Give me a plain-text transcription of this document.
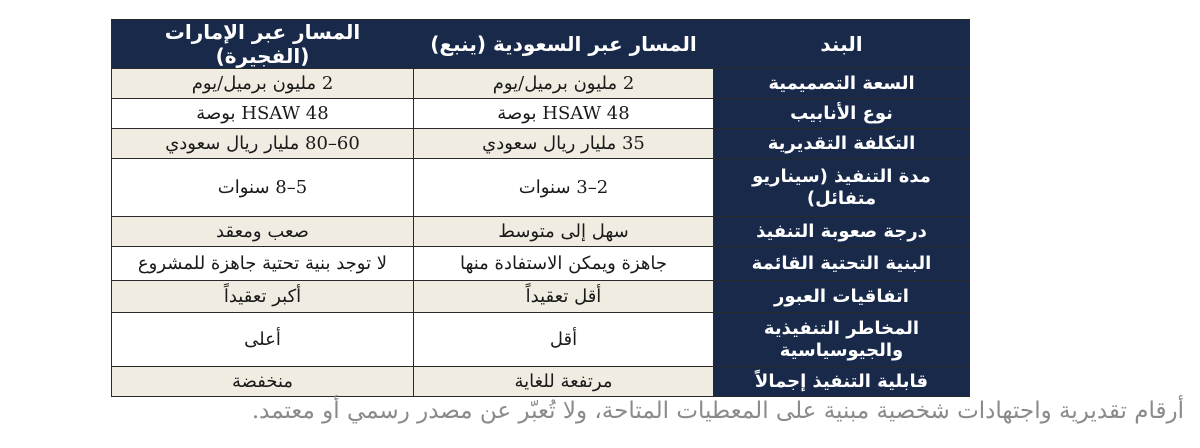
البند	المسار عبر السعودية (ينبع)	المسار عبر الإمارات (الفجيرة)
السعة التصميمية	2 مليون برميل/يوم	2 مليون برميل/يوم
نوع الأنابيب	HSAW 48 بوصة	HSAW 48 بوصة
التكلفة التقديرية	35 مليار ريال سعودي	60–80 مليار ريال سعودي
مدة التنفيذ (سيناريو متفائل)	2–3 سنوات	5–8 سنوات
درجة صعوبة التنفيذ	سهل إلى متوسط	صعب ومعقد
البنية التحتية القائمة	جاهزة ويمكن الاستفادة منها	لا توجد بنية تحتية جاهزة للمشروع
اتفاقيات العبور	أقل تعقيداً	أكبر تعقيداً
المخاطر التنفيذية والجيوسياسية	أقل	أعلى
قابلية التنفيذ إجمالاً	مرتفعة للغاية	منخفضة
أرقام تقديرية واجتهادات شخصية مبنية على المعطيات المتاحة، ولا تُعبّر عن مصدر رسمي أو معتمد.
